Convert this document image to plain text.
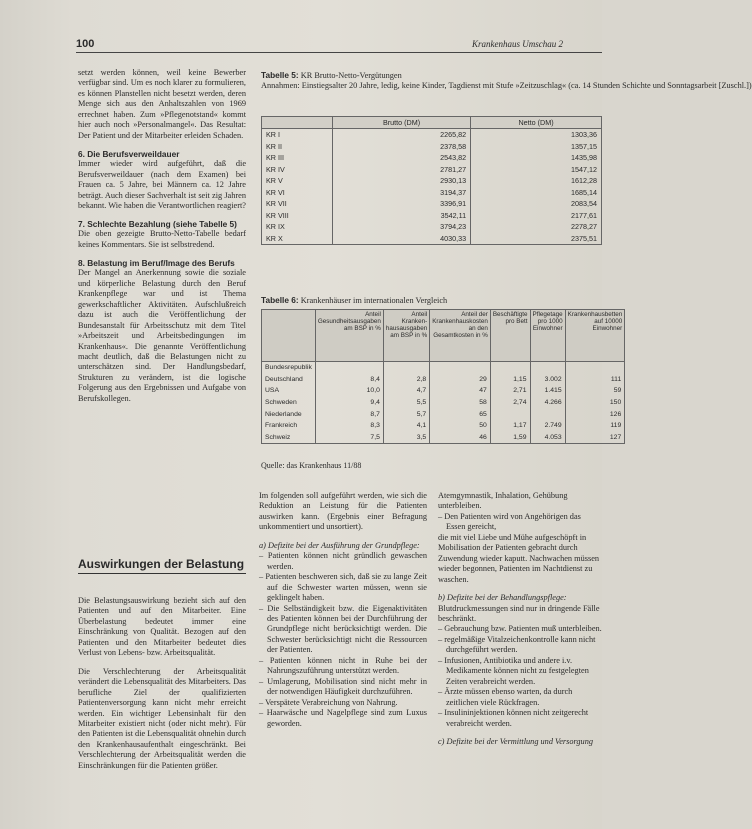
100	Krankenhaus Umschau 2

setzt werden können, weil keine Bewerber verfügbar sind. Um es noch klarer zu formulieren, es können Planstellen nicht besetzt werden, deren Menge sich aus den Anhaltszahlen von 1969 errechnet haben. Zum »Pflegenotstand« kommt hier auch noch »Personalmangel«. Das Resultat: Der Patient und der Mitarbeiter erleiden Schaden.

6. Die Berufsverweildauer

Immer wieder wird aufgeführt, daß die Berufsverweildauer (nach dem Examen) bei Frauen ca. 5 Jahre, bei Männern ca. 12 Jahre beträgt. Auch dieser Sachverhalt ist seit zig Jahren bekannt. Wie haben die Verantwortlichen reagiert?

7. Schlechte Bezahlung (siehe Tabelle 5)

Die oben gezeigte Brutto-Netto-Tabelle bedarf keines Kommentars. Sie ist selbstredend.

8. Belastung im Beruf/Image des Berufs

Der Mangel an Anerkennung sowie die soziale und körperliche Belastung durch den Beruf Krankenpflege war und ist Thema gewerkschaftlicher Aktivitäten. Aufschlußreich dazu ist auch die Veröffentlichung der Bundesanstalt für Arbeitsschutz mit dem Titel »Arbeitszeit und Arbeitsbedingungen im Krankenhaus«. Die genannte Veröffentlichung macht deutlich, daß die Belastungen nicht zu unterschätzen sind. Der Handlungsbedarf, Strukturen zu verändern, ist die logische Folgerung aus den Ergebnissen und Aufgabe von Berufskollegen.

Auswirkungen der Belastung

Die Belastungsauswirkung bezieht sich auf den Patienten und auf den Mitarbeiter. Eine Überbelastung bedeutet immer eine Einschränkung von Qualität. Bezogen auf den Patienten und den Mitarbeiter bedeutet dies Verlust von Lebens- bzw. Arbeitsqualität.

Die Verschlechterung der Arbeitsqualität verändert die Lebensqualität des Mitarbeiters. Das berufliche Ziel der qualifizierten Patientenversorgung kann nicht mehr erreicht werden. Ein wichtiger Lebensinhalt für den Mitarbeiter existiert nicht (oder nicht mehr). Für den Patienten ist die Lebensqualität ohnehin durch den Krankenhausaufenthalt eingeschränkt. Bei Verschlechterung der Arbeitsqualität werden die Einschränkungen für die Patienten größer.

Tabelle 5: KR Brutto-Netto-Vergütungen
Annahmen: Einstiegsalter 20 Jahre, ledig, keine Kinder, Tagdienst mit Stufe »Zeitzuschlag« (ca. 14 Stunden Schichte und Sonntagsarbeit [Zuschl.])
	Brutto (DM)	Netto (DM)
KR I	2265,82	1303,36
KR II	2378,58	1357,15
KR III	2543,82	1435,98
KR IV	2781,27	1547,12
KR V	2930,13	1612,28
KR VI	3194,37	1685,14
KR VII	3396,91	2083,54
KR VIII	3542,11	2177,61
KR IX	3794,23	2278,27
KR X	4030,33	2375,51
Tabelle 6: Krankenhäuser im internationalen Vergleich
	Anteil Gesundheitsausgaben am BSP in %	Anteil Kranken-hausausgaben am BSP in %	Anteil der Krankenhauskosten an den Gesamtkosten in %	Beschäftigte pro Bett	Pflegetage pro 1000 Einwohner	Krankenhausbetten auf 10000 Einwohner
Bundesrepublik						
Deutschland	8,4	2,8	29	1,15	3.002	111
USA	10,0	4,7	47	2,71	1.415	59
Schweden	9,4	5,5	58	2,74	4.266	150
Niederlande	8,7	5,7	65			126
Frankreich	8,3	4,1	50	1,17	2.749	119
Schweiz	7,5	3,5	46	1,59	4.053	127
Quelle: das Krankenhaus 11/88

Im folgenden soll aufgeführt werden, wie sich die Reduktion an Leistung für die Patienten auswirken kann. (Ergebnis einer Befragung unkommentiert und unsortiert).

a) Defizite bei der Ausführung der Grundpflege:

– Patienten können nicht gründlich gewaschen werden.

– Patienten beschweren sich, daß sie zu lange Zeit auf die Schwester warten müssen, wenn sie geklingelt haben.

– Die Selbständigkeit bzw. die Eigenaktivitäten des Patienten können bei der Durchführung der Grundpflege nicht berücksichtigt werden. Die Schwester berücksichtigt nicht die Ressourcen der Patienten.

– Patienten können nicht in Ruhe bei der Nahrungszuführung unterstützt werden.

– Umlagerung, Mobilisation sind nicht mehr in der notwendigen Häufigkeit durchzuführen.

– Verspätete Verabreichung von Nahrung.

– Haarwäsche und Nagelpflege sind zum Luxus geworden.

Atemgymnastik, Inhalation, Gehübung unterbleiben.

– Den Patienten wird von Angehörigen das Essen gereicht,

die mit viel Liebe und Mühe aufgeschöpft in Mobilisation der Patienten gebracht durch Zuwendung wieder kaputt. Nachwachen müssen wieder begonnen, Patienten im Nachtdienst zu waschen.

b) Defizite bei der Behandlungspflege:

Blutdruckmessungen sind nur in dringende Fälle beschränkt.

– Gebrauchung bzw. Patienten muß unterbleiben.

– regelmäßige Vitalzeichenkontrolle kann nicht durchgeführt werden.

– Infusionen, Antibiotika und andere i.v. Medikamente können nicht zu festgelegten Zeiten verabreicht werden.

– Ärzte müssen ebenso warten, da durch zeitlichen viele Rückfragen.

– Insulininjektionen können nicht zeitgerecht verabreicht werden.

c) Defizite bei der Vermittlung und Versorgung
